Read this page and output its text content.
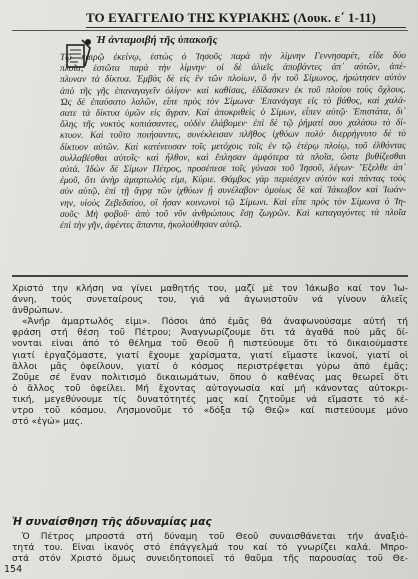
ΤΟ ΕΥΑΓΓΕΛΙΟ ΤΗΣ ΚΥΡΙΑΚΗΣ (Λουκ. ε΄ 1-11)
Ἡ ἀνταμοιβή τῆς ὑπακοῆς
Τῷ καιρῷ ἐκείνῳ, ἑστὼς ὁ Ἰησοῦς παρὰ τὴν λίμνην Γεννησαρέτ, εἶδε δύο
πλοῖα, ἑστῶτα παρὰ τὴν λίμνην· οἱ δὲ ἁλιεῖς ἀποβάντες ἀπ᾿ αὐτῶν, ἀπέ-
πλυναν τὰ δίκτυα. Ἐμβὰς δὲ εἰς ἓν τῶν πλοίων, ὃ ἦν τοῦ Σίμωνος, ἠρώτησεν αὐτὸν
ἀπὸ τῆς γῆς ἐπαναγαγεῖν ὀλίγον· καὶ καθίσας, ἐδίδασκεν ἐκ τοῦ πλοίου τοὺς ὄχλους.
Ὡς δὲ ἐπαύσατο λαλῶν, εἶπε πρὸς τὸν Σίμωνα· Ἐπανάγαγε εἰς τὸ βάθος, καὶ χαλά-
σατε τὰ δίκτυα ὑμῶν εἰς ἄγραν. Καὶ ἀποκριθεὶς ὁ Σίμων, εἶπεν αὐτῷ· Ἐπιστάτα, δι᾿
ὅλης τῆς νυκτὸς κοπιάσαντες, οὐδὲν ἐλάβομεν· ἐπὶ δὲ τῷ ῥήματί σου χαλάσω τὸ δί-
κτυον. Καὶ τοῦτο ποιήσαντες, συνέκλεισαν πλῆθος ἰχθύων πολύ· διερρήγνυτο δὲ τὸ
δίκτυον αὐτῶν. Καὶ κατένευσαν τοῖς μετόχοις τοῖς ἐν τῷ ἑτέρῳ πλοίῳ, τοῦ ἐλθόντας
συλλαβέσθαι αὐτοῖς· καὶ ἦλθον, καὶ ἔπλησαν ἀμφότερα τὰ πλοῖα, ὥστε βυθίζεσθαι
αὐτά. Ἰδὼν δὲ Σίμων Πέτρος, προσέπεσε τοῖς γόνασι τοῦ Ἰησοῦ, λέγων· Ἔξελθε ἀπ᾿
ἐμοῦ, ὅτι ἀνὴρ ἁμαρτωλός εἰμι, Κύριε. Θάμβος γὰρ περιέσχεν αὐτὸν καὶ πάντας τοὺς
σὺν αὐτῷ, ἐπὶ τῇ ἄγρᾳ τῶν ἰχθύων ᾗ συνέλαβον· ὁμοίως δὲ καὶ Ἰάκωβον καὶ Ἰωάν-
νην, υἱοὺς Ζεβεδαίου, οἳ ἦσαν κοινωνοὶ τῷ Σίμωνι. Καὶ εἶπε πρὸς τὸν Σίμωνα ὁ Ἰη-
σοῦς· Μὴ φοβοῦ· ἀπὸ τοῦ νῦν ἀνθρώπους ἔσῃ ζωγρῶν. Καὶ καταγαγόντες τὰ πλοῖα
ἐπὶ τὴν γῆν, ἀφέντες ἅπαντα, ἠκολούθησαν αὐτῷ.
Χριστό την κλήση να γίνει μαθητής του, μαζί μὲ τον Ἰάκωβο καί τον Ἰω-
άννη, τούς συνεταίρους του, γιά νά ἀγωνιστοῦν νά γίνουν ἁλιεῖς
ἀνθρώπων.
«Ἀνήρ ἁμαρτωλός εἰμι». Πόσοι ἀπό ἐμᾶς θά ἀναφωνούσαμε αὐτή τή
φράση στή θέση τοῦ Πέτρου; Ἀναγνωρίζουμε ὅτι τά ἀγαθά ποὺ μᾶς δί-
νονται εἶναι ἀπό τό θέλημα τοῦ Θεοῦ ἢ πιστεύουμε ὅτι τό δικαιούμαστε
γιατί ἐργαζόμαστε, γιατί ἔχουμε χαρίσματα, γιατί εἴμαστε ἱκανοί, γιατί οἱ
ἄλλοι μᾶς ὀφείλουν, γιατί ὁ κόσμος περιστρέφεται γύρω ἀπό ἐμᾶς;
Ζοῦμε σέ ἕναν πολιτισμό δικαιωμάτων, ὅπου ὁ καθένας μας θεωρεῖ ὅτι
ὁ ἄλλος τοῦ ὀφείλει. Μή ἔχοντας αὐτογνωσία καί μή κάνοντας αὐτοκρι-
τική, μεγεθύνουμε τίς δυνατότητές μας καί ζητοῦμε νά εἴμαστε τό κέ-
ντρο τοῦ κόσμου. Λησμονοῦμε τό «δόξα τῷ Θεῷ» καί πιστεύουμε μόνο
στό «ἐγώ» μας.
Ἡ συναίσθηση τῆς ἀδυναμίας μας
Ὁ Πέτρος μπροστά στή δύναμη τοῦ Θεοῦ συναισθάνεται τήν ἀναξιό-
τητά του. Εἶναι ἱκανός στό ἐπάγγελμά του καί τό γνωρίζει καλά. Μπρο-
στά στόν Χριστό ὅμως συνειδητοποιεῖ τό θαῦμα τῆς παρουσίας τοῦ Θε-
154
